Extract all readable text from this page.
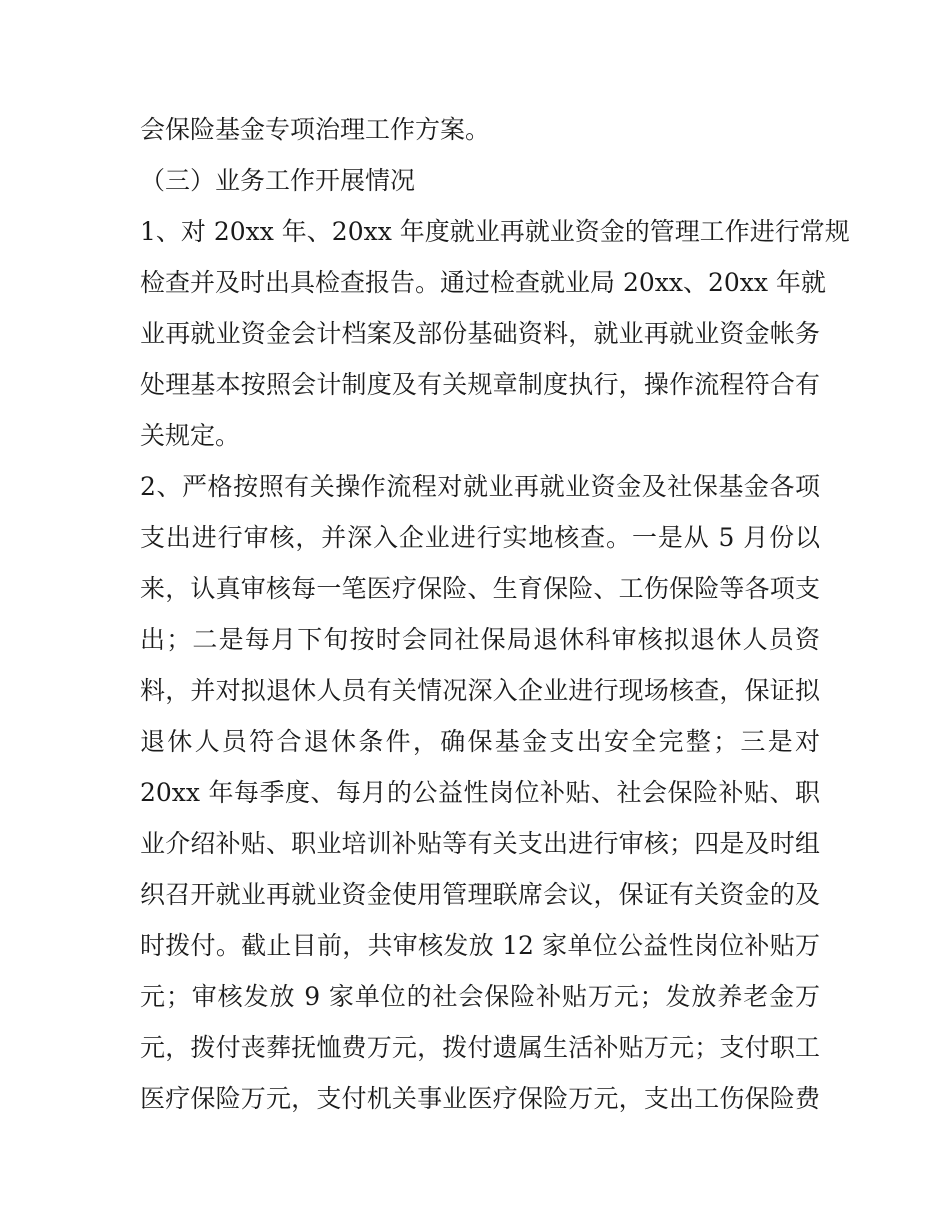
会保险基金专项治理工作方案。
（三）业务工作开展情况
1、对 20xx 年、20xx 年度就业再就业资金的管理工作进行常规
检查并及时出具检查报告。通过检查就业局 20xx、20xx 年就
业再就业资金会计档案及部份基础资料，就业再就业资金帐务
处理基本按照会计制度及有关规章制度执行，操作流程符合有
关规定。
2、严格按照有关操作流程对就业再就业资金及社保基金各项
支出进行审核，并深入企业进行实地核查。一是从 5 月份以
来，认真审核每一笔医疗保险、生育保险、工伤保险等各项支
出；二是每月下旬按时会同社保局退休科审核拟退休人员资
料，并对拟退休人员有关情况深入企业进行现场核查，保证拟
退休人员符合退休条件，确保基金支出安全完整；三是对
20xx 年每季度、每月的公益性岗位补贴、社会保险补贴、职
业介绍补贴、职业培训补贴等有关支出进行审核；四是及时组
织召开就业再就业资金使用管理联席会议，保证有关资金的及
时拨付。截止目前，共审核发放 12 家单位公益性岗位补贴万
元；审核发放 9 家单位的社会保险补贴万元；发放养老金万
元，拨付丧葬抚恤费万元，拨付遗属生活补贴万元；支付职工
医疗保险万元，支付机关事业医疗保险万元，支出工伤保险费
